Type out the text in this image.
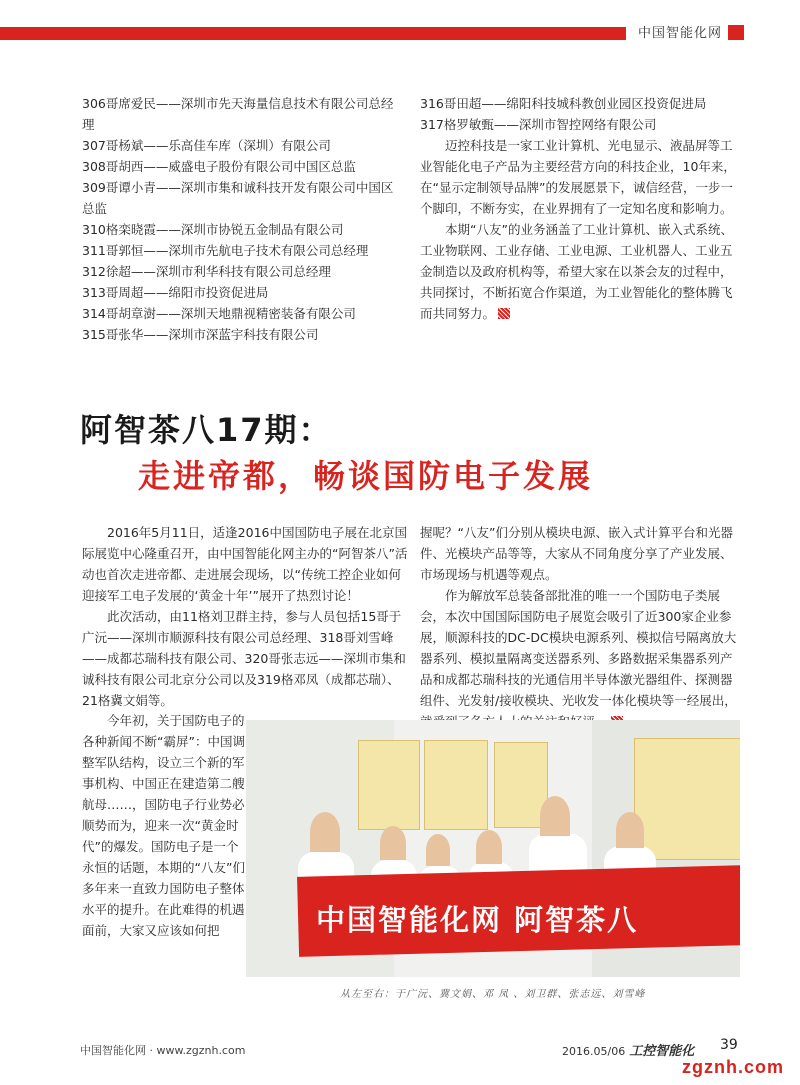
中国智能化网

306哥席爱民——深圳市先天海量信息技术有限公司总经理

307哥杨斌——乐高佳车库（深圳）有限公司

308哥胡西——威盛电子股份有限公司中国区总监

309哥谭小青——深圳市集和诚科技开发有限公司中国区总监

310格栾晓霞——深圳市协锐五金制品有限公司

311哥郭恒——深圳市先航电子技术有限公司总经理

312徐超——深圳市利华科技有限公司总经理

313哥周超——绵阳市投资促进局

314哥胡章澍——深圳天地鼎视精密装备有限公司

315哥张华——深圳市深蓝宇科技有限公司

316哥田超——绵阳科技城科教创业园区投资促进局

317格罗敏甄——深圳市智控网络有限公司

迈控科技是一家工业计算机、光电显示、液晶屏等工业智能化电子产品为主要经营方向的科技企业，10年来，在“显示定制领导品牌”的发展愿景下，诚信经营，一步一个脚印，不断夯实，在业界拥有了一定知名度和影响力。

本期“八友”的业务涵盖了工业计算机、嵌入式系统、工业物联网、工业存储、工业电源、工业机器人、工业五金制造以及政府机构等，希望大家在以茶会友的过程中，共同探讨，不断拓宽合作渠道，为工业智能化的整体腾飞而共同努力。

阿智茶八17期：
走进帝都，畅谈国防电子发展

2016年5月11日，适逢2016中国国防电子展在北京国际展览中心隆重召开，由中国智能化网主办的“阿智茶八”活动也首次走进帝都、走进展会现场，以“传统工控企业如何迎接军工电子发展的‘黄金十年’”展开了热烈讨论！

此次活动，由11格刘卫群主持，参与人员包括15哥于广沅——深圳市顺源科技有限公司总经理、318哥刘雪峰——成都芯瑞科技有限公司、320哥张志远——深圳市集和诚科技有限公司北京分公司以及319格邓凤（成都芯瑞）、21格冀文娟等。

握呢？“八友”们分别从模块电源、嵌入式计算平台和光器件、光模块产品等等，大家从不同角度分享了产业发展、市场现场与机遇等观点。

作为解放军总装备部批准的唯一一个国防电子类展会，本次中国国际国防电子展览会吸引了近300家企业参展，顺源科技的DC-DC模块电源系列、模拟信号隔离放大器系列、模拟量隔离变送器系列、多路数据采集器系列产品和成都芯瑞科技的光通信用半导体激光器组件、探测器组件、光发射/接收模块、光收发一体化模块等一经展出，

今年初，关于国防电子的各种新闻不断“霸屏”：中国调整军队结构，设立三个新的军事机构、中国正在建造第二艘航母……，国防电子行业势必顺势而为，迎来一次“黄金时代”的爆发。国防电子是一个永恒的话题，本期的“八友”们多年来一直致力国防电子整体水平的提升。在此难得的机遇面前，大家又应该如何把	中国智能化网 阿智茶八
从左至右：于广沅、冀文娟、邓 凤 、刘卫群、张志远、刘雪峰
中国智能化网 · www.zgznh.com	2016.05/06 工控智能化 39
zgznh.com
